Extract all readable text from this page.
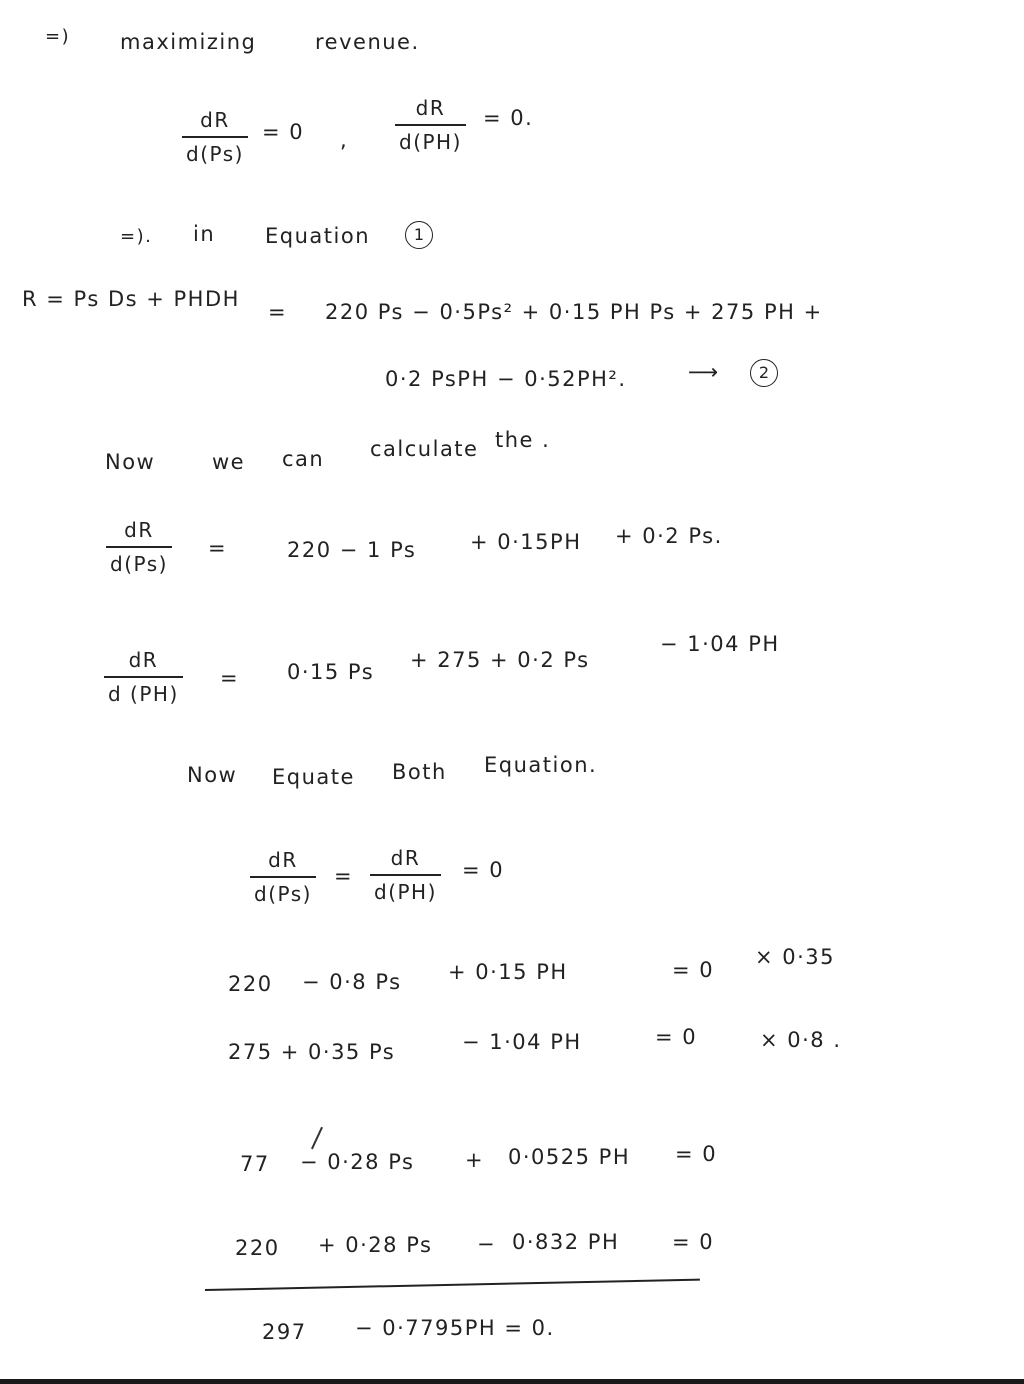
=) maximizing	revenue.
dR
d(Ps)
= 0 ,
dR
d(PH)
= 0.
=). in Equation	1
R = Ps Ds + PHDH
= 220 Ps − 0·5Ps² + 0·15 PH Ps + 275 PH +
0·2 PsPH − 0·52PH².	⟶	2
Now	we can calculate the .
dR
d(Ps)
=	220 − 1 Ps	+ 0·15PH + 0·2 Ps.
dR
d (PH)
= 0·15 Ps + 275 + 0·2 Ps
− 1·04 PH
Now Equate Both Equation.
dR
d(Ps)
=
dR
d(PH)
= 0
220 − 0·8 Ps + 0·15 PH	= 0
× 0·35
275 + 0·35 Ps	− 1·04 PH	= 0	× 0·8 .
77 − 0·28 Ps + 0·0525 PH = 0
220 + 0·28 Ps − 0·832 PH	= 0
297 − 0·7795PH = 0.
